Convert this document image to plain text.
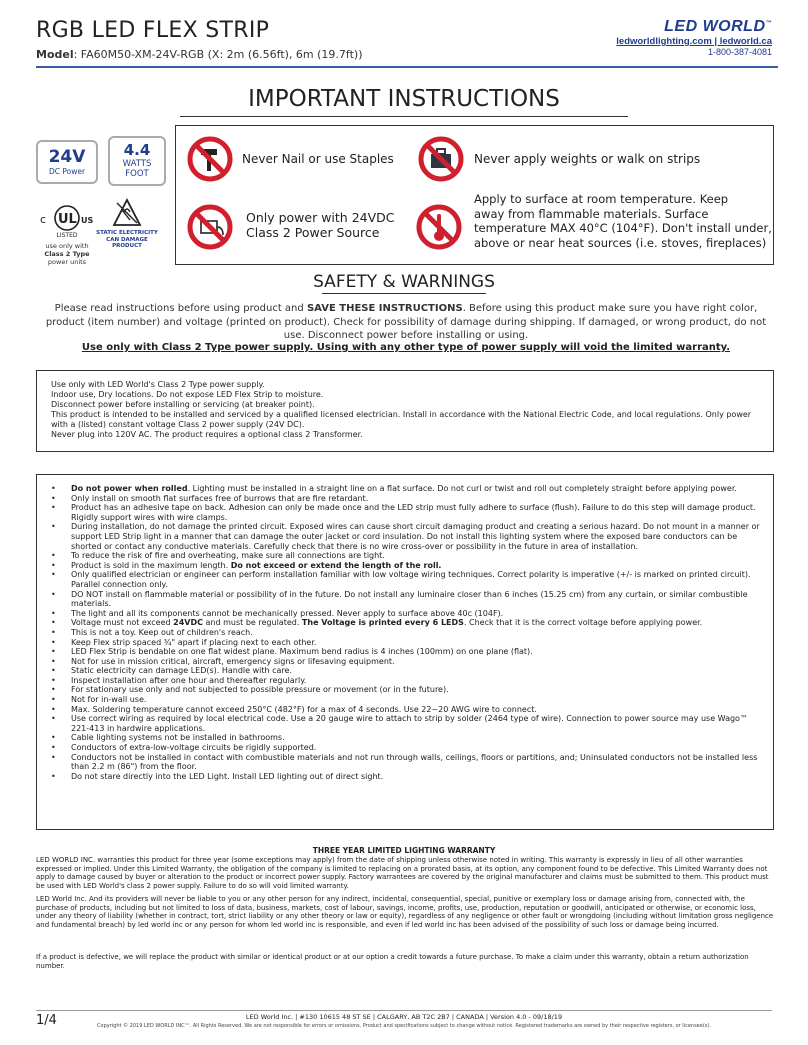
RGB LED FLEX STRIP
Model: FA60M50-XM-24V-RGB (X: 2m (6.56ft), 6m (19.7ft))
LED WORLD™
ledworldlighting.com | ledworld.ca
1-800-387-4081
IMPORTANT INSTRUCTIONS
24V
DC Power
4.4
WATTS
FOOT
c UL US
LISTED
use only with
Class 2 Type
power units
STATIC ELECTRICITY
CAN DAMAGE
PRODUCT
Never Nail or use Staples	Never apply weights or walk on strips
Only power with 24VDC
Class 2 Power Source
Apply to surface at room temperature. Keep
away from flammable materials. Surface
temperature MAX 40°C (104°F). Don't install under,
above or near heat sources (i.e. stoves, fireplaces)
SAFETY & WARNINGS
Please read instructions before using product and SAVE THESE INSTRUCTIONS. Before using this product make sure you have right color, product (item number) and voltage (printed on product). Check for possibility of damage during shipping. If damaged, or wrong product, do not use. Disconnect power before installing or using.
Use only with Class 2 Type power supply. Using with any other type of power supply will void the limited warranty.
Use only with LED World's Class 2 Type power supply.
Indoor use, Dry locations. Do not expose LED Flex Strip to moisture.
Disconnect power before installing or servicing (at breaker point).
This product is intended to be installed and serviced by a qualified licensed electrician. Install in accordance with the National Electric Code, and local regulations. Only power with a (listed) constant voltage Class 2 power supply (24V DC).
Never plug into 120V AC. The product requires a optional class 2 Transformer.
• Do not power when rolled. Lighting must be installed in a straight line on a flat surface. Do not curl or twist and roll out completely straight before applying power.
• Only install on smooth flat surfaces free of burrows that are fire retardant.
• Product has an adhesive tape on back. Adhesion can only be made once and the LED strip must fully adhere to surface (flush). Failure to do this step will damage product. Rigidly support wires with wire clamps.
• During installation, do not damage the printed circuit. Exposed wires can cause short circuit damaging product and creating a serious hazard. Do not mount in a manner or support LED Strip light in a manner that can damage the outer jacket or cord insulation. Do not install this lighting system where the exposed bare conductors can be shorted or contact any conductive materials. Carefully check that there is no wire cross-over or possibility in the future in area of installation.
• To reduce the risk of fire and overheating, make sure all connections are tight.
• Product is sold in the maximum length. Do not exceed or extend the length of the roll.
• Only qualified electrician or engineer can perform installation familiar with low voltage wiring techniques. Correct polarity is imperative (+/- is marked on printed circuit). Parallel connection only.
• DO NOT install on flammable material or possibility of in the future. Do not install any luminaire closer than 6 inches (15.25 cm) from any curtain, or similar combustible materials.
• The light and all its components cannot be mechanically pressed. Never apply to surface above 40c (104F).
• Voltage must not exceed 24VDC and must be regulated. The Voltage is printed every 6 LEDS. Check that it is the correct voltage before applying power.
• This is not a toy. Keep out of children's reach.
• Keep Flex strip spaced ¾" apart if placing next to each other.
• LED Flex Strip is bendable on one flat widest plane. Maximum bend radius is 4 inches (100mm) on one plane (flat).
• Not for use in mission critical, aircraft, emergency signs or lifesaving equipment.
• Static electricity can damage LED(s). Handle with care.
• Inspect installation after one hour and thereafter regularly.
• For stationary use only and not subjected to possible pressure or movement (or in the future).
• Not for in-wall use.
• Max. Soldering temperature cannot exceed 250°C (482°F) for a max of 4 seconds. Use 22~20 AWG wire to connect.
• Use correct wiring as required by local electrical code. Use a 20 gauge wire to attach to strip by solder (2464 type of wire). Connection to power source may use Wago™ 221-413 in hardwire applications.
• Cable lighting systems not be installed in bathrooms.
• Conductors of extra-low-voltage circuits be rigidly supported.
• Conductors not be installed in contact with combustible materials and not run through walls, ceilings, floors or partitions, and; Uninsulated conductors not be installed less than 2.2 m (86") from the floor.
• Do not stare directly into the LED Light. Install LED lighting out of direct sight.
THREE YEAR LIMITED LIGHTING WARRANTY
LED WORLD INC. warranties this product for three year (some exceptions may apply) from the date of shipping unless otherwise noted in writing. This warranty is expressly in lieu of all other warranties expressed or implied. Under this Limited Warranty, the obligation of the company is limited to replacing on a prorated basis, at its option, any component found to be defective. This Limited Warranty does not apply to damage caused by buyer or alteration to the product or incorrect power supply. Factory warrantees are covered by the original manufacturer and claims must be submitted to them. This product must be used with LED World's class 2 power supply. Failure to do so will void limited warranty.
LED World Inc. And its providers will never be liable to you or any other person for any indirect, incidental, consequential, special, punitive or exemplary loss or damage arising from, connected with, the purchase of products, including but not limited to loss of data, business, markets, cost of labour, savings, income, profits, use, production, reputation or goodwill, anticipated or otherwise, or economic loss, under any theory of liability (whether in contract, tort, strict liability or any other theory or law or equity), regardless of any negligence or other fault or wrongdoing (including without limitation gross negligence and fundamental breach) by led world inc or any person for whom led world inc is responsible, and even if led world inc has been advised of the possibility of such loss or damage being incurred.
If a product is defective, we will replace the product with similar or identical product or at our option a credit towards a future purchase. To make a claim under this warranty, obtain a return authorization number.
1/4	LED World Inc. | #130 10615 48 ST SE | CALGARY, AB T2C 2B7 | CANADA | Version 4.0 - 09/18/19
Copyright © 2019 LED WORLD INC™. All Rights Reserved. We are not responsible for errors or omissions. Product and specifications subject to change without notice. Registered trademarks are owned by their respective registers, or licensee(s).
